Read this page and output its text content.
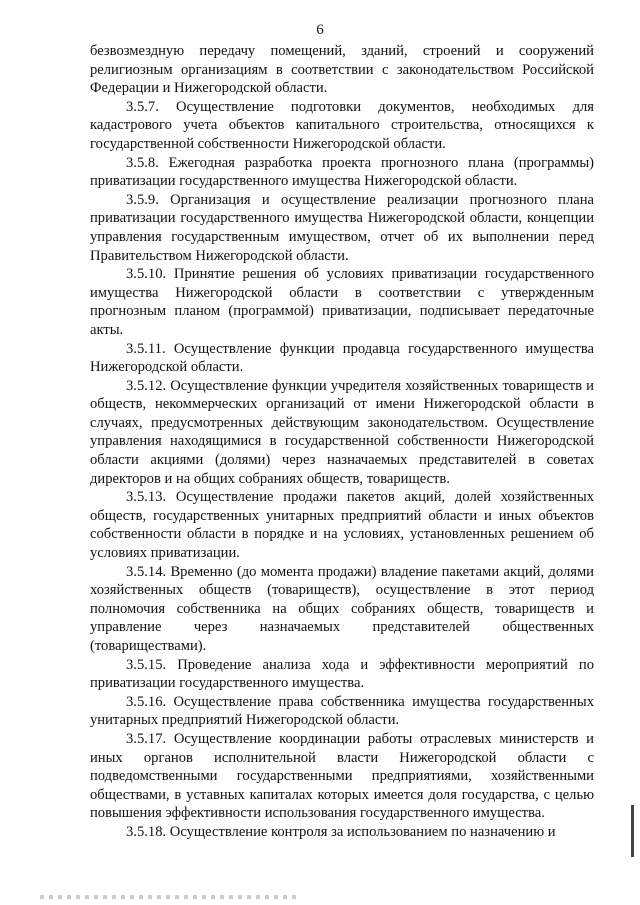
6

безвозмездную передачу помещений, зданий, строений и сооружений религиозным организациям в соответствии с законодательством Российской Федерации и Нижегородской области.

3.5.7. Осуществление подготовки документов, необходимых для кадастрового учета объектов капитального строительства, относящихся к государственной собственности Нижегородской области.

3.5.8. Ежегодная разработка проекта прогнозного плана (программы) приватизации государственного имущества Нижегородской области.

3.5.9. Организация и осуществление реализации прогнозного плана приватизации государственного имущества Нижегородской области, концепции управления государственным имуществом, отчет об их выполнении перед Правительством Нижегородской области.

3.5.10. Принятие решения об условиях приватизации государственного имущества Нижегородской области в соответствии с утвержденным прогнозным планом (программой) приватизации, подписывает передаточные акты.

3.5.11. Осуществление функции продавца государственного имущества Нижегородской области.

3.5.12. Осуществление функции учредителя хозяйственных товариществ и обществ, некоммерческих организаций от имени Нижегородской области в случаях, предусмотренных действующим законодательством. Осуществление управления находящимися в государственной собственности Нижегородской области акциями (долями) через назначаемых представителей в советах директоров и на общих собраниях обществ, товариществ.

3.5.13. Осуществление продажи пакетов акций, долей хозяйственных обществ, государственных унитарных предприятий области и иных объектов собственности области в порядке и на условиях, установленных решением об условиях приватизации.

3.5.14. Временно (до момента продажи) владение пакетами акций, долями хозяйственных обществ (товариществ), осуществление в этот период полномочия собственника на общих собраниях обществ, товариществ и управление через назначаемых представителей общественных (товариществами).

3.5.15. Проведение анализа хода и эффективности мероприятий по приватизации государственного имущества.

3.5.16. Осуществление права собственника имущества государственных унитарных предприятий Нижегородской области.

3.5.17. Осуществление координации работы отраслевых министерств и иных органов исполнительной власти Нижегородской области с подведомственными государственными предприятиями, хозяйственными обществами, в уставных капиталах которых имеется доля государства, с целью повышения эффективности использования государственного имущества.

3.5.18. Осуществление контроля за использованием по назначению и
